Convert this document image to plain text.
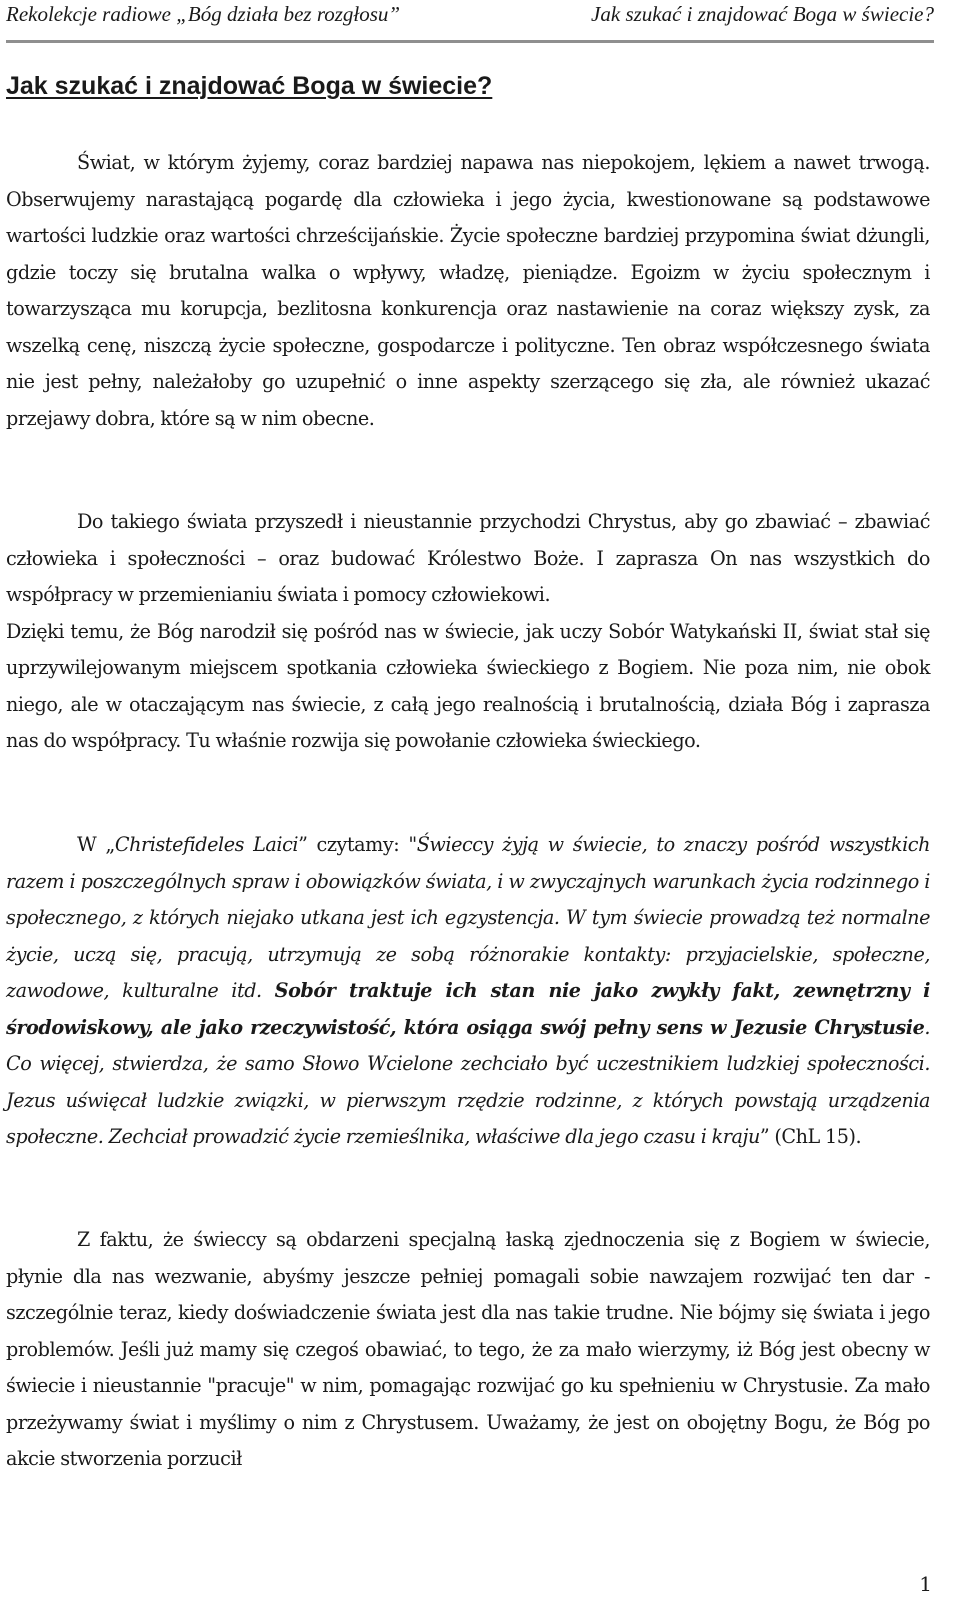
Rekolekcje radiowe „Bóg działa bez rozgłosu”	Jak szukać i znajdować Boga w świecie?
Jak szukać i znajdować Boga w świecie?

Świat, w którym żyjemy, coraz bardziej napawa nas niepokojem, lękiem a nawet trwogą. Obserwujemy narastającą pogardę dla człowieka i jego życia, kwestionowane są podstawowe wartości ludzkie oraz wartości chrześcijańskie. Życie społeczne bardziej przypomina świat dżungli, gdzie toczy się brutalna walka o wpływy, władzę, pieniądze. Egoizm w życiu społecznym i towarzysząca mu korupcja, bezlitosna konkurencja oraz nastawienie na coraz większy zysk, za wszelką cenę, niszczą życie społeczne, gospodarcze i polityczne. Ten obraz współczesnego świata nie jest pełny, należałoby go uzupełnić o inne aspekty szerzącego się zła, ale również ukazać przejawy dobra, które są w nim obecne.

Do takiego świata przyszedł i nieustannie przychodzi Chrystus, aby go zbawiać – zbawiać człowieka i społeczności – oraz budować Królestwo Boże. I zaprasza On nas wszystkich do współpracy w przemienianiu świata i pomocy człowiekowi.
Dzięki temu, że Bóg narodził się pośród nas w świecie, jak uczy Sobór Watykański II, świat stał się uprzywilejowanym miejscem spotkania człowieka świeckiego z Bogiem. Nie poza nim, nie obok niego, ale w otaczającym nas świecie, z całą jego realnością i brutalnością, działa Bóg i zaprasza nas do współpracy. Tu właśnie rozwija się powołanie człowieka świeckiego.

W „Christefideles Laici” czytamy: "Świeccy żyją w świecie, to znaczy pośród wszystkich razem i poszczególnych spraw i obowiązków świata, i w zwyczajnych warunkach życia rodzinnego i społecznego, z których niejako utkana jest ich egzystencja. W tym świecie prowadzą też normalne życie, uczą się, pracują, utrzymują ze sobą różnorakie kontakty: przyjacielskie, społeczne, zawodowe, kulturalne itd. Sobór traktuje ich stan nie jako zwykły fakt, zewnętrzny i środowiskowy, ale jako rzeczywistość, która osiąga swój pełny sens w Jezusie Chrystusie. Co więcej, stwierdza, że samo Słowo Wcielone zechciało być uczestnikiem ludzkiej społeczności. Jezus uświęcał ludzkie związki, w pierwszym rzędzie rodzinne, z których powstają urządzenia społeczne. Zechciał prowadzić życie rzemieślnika, właściwe dla jego czasu i kraju” (ChL 15).

Z faktu, że świeccy są obdarzeni specjalną łaską zjednoczenia się z Bogiem w świecie, płynie dla nas wezwanie, abyśmy jeszcze pełniej pomagali sobie nawzajem rozwijać ten dar - szczególnie teraz, kiedy doświadczenie świata jest dla nas takie trudne. Nie bójmy się świata i jego problemów. Jeśli już mamy się czegoś obawiać, to tego, że za mało wierzymy, iż Bóg jest obecny w świecie i nieustannie "pracuje" w nim, pomagając rozwijać go ku spełnieniu w Chrystusie. Za mało przeżywamy świat i myślimy o nim z Chrystusem. Uważamy, że jest on obojętny Bogu, że Bóg po akcie stworzenia porzucił

1
